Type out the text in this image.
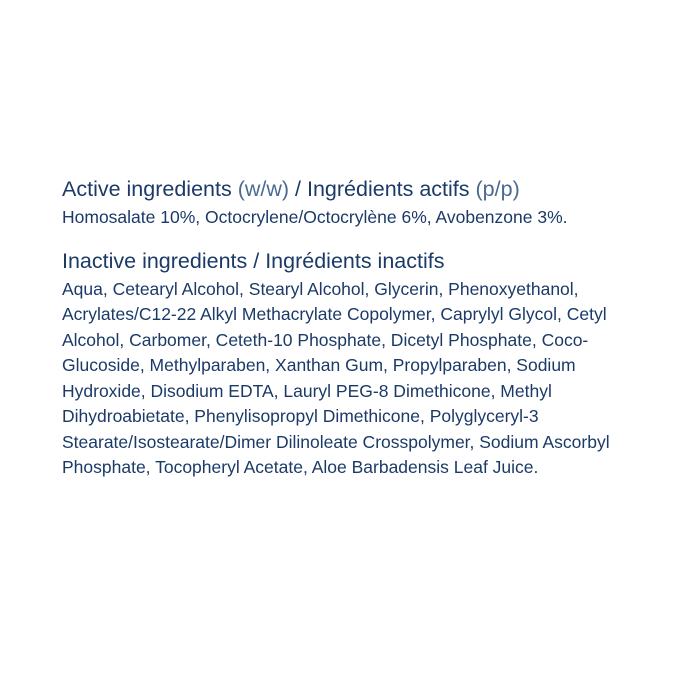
Active ingredients (w/w) / Ingrédients actifs (p/p)
Homosalate 10%, Octocrylene/Octocrylène 6%, Avobenzone 3%.
Inactive ingredients / Ingrédients inactifs
Aqua, Cetearyl Alcohol, Stearyl Alcohol, Glycerin, Phenoxyethanol, Acrylates/C12-22 Alkyl Methacrylate Copolymer, Caprylyl Glycol, Cetyl Alcohol, Carbomer, Ceteth-10 Phosphate, Dicetyl Phosphate, Coco-Glucoside, Methylparaben, Xanthan Gum, Propylparaben, Sodium Hydroxide, Disodium EDTA, Lauryl PEG-8 Dimethicone, Methyl Dihydroabietate, Phenylisopropyl Dimethicone, Polyglyceryl-3 Stearate/Isostearate/Dimer Dilinoleate Crosspolymer, Sodium Ascorbyl Phosphate, Tocopheryl Acetate, Aloe Barbadensis Leaf Juice.
